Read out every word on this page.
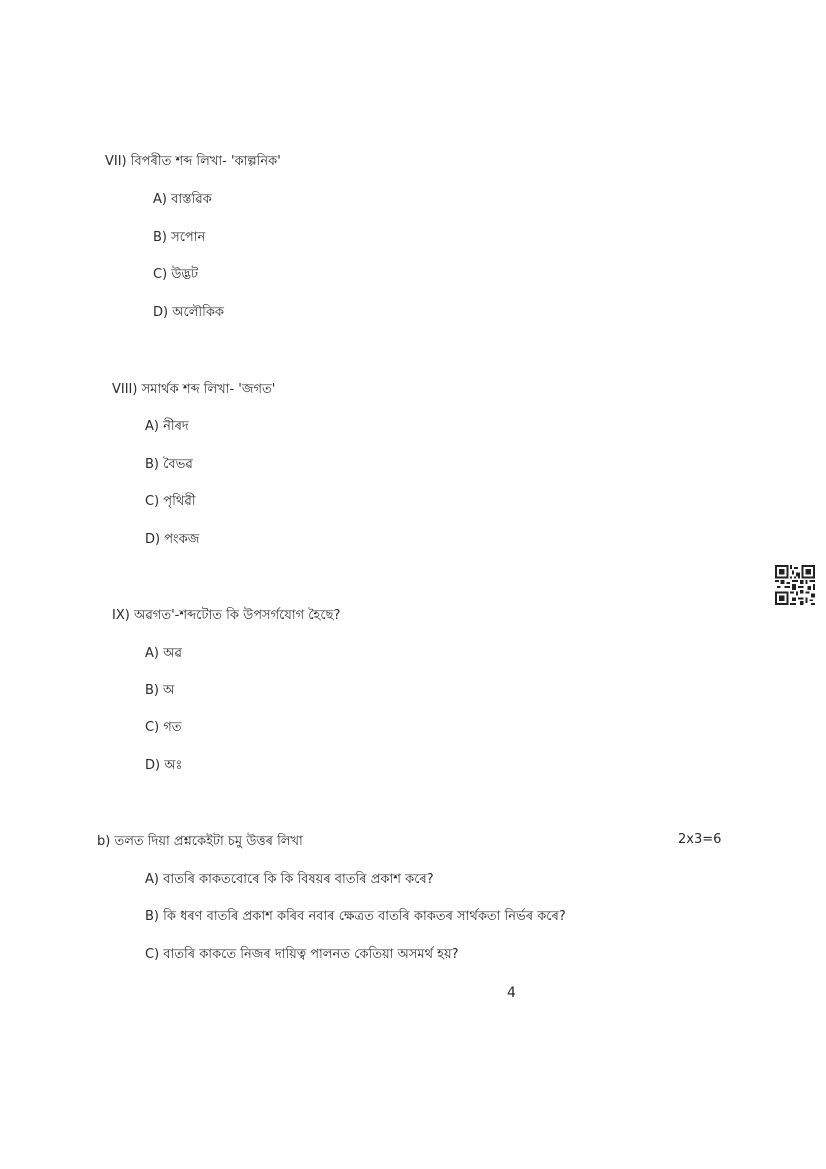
VII) বিপৰীত শব্দ লিখা- 'কাল্পনিক'
A) বাস্তৱিক
B) সপোন
C) উদ্ভট
D) অলৌকিক
VIII) সমাৰ্থক শব্দ লিখা- 'জগত'
A) নীৰদ
B) বৈভৱ
C) পৃথিৱী
D) পংকজ
IX) অৱগত'-শব্দটোত কি উপসৰ্গযোগ হৈছে?
A) অৱ
B) অ
C) গত
D) অঃ
b) তলত দিয়া প্ৰশ্নকেইটা চমু উত্তৰ লিখা	2x3=6
A) বাতৰি কাকতবোৰে কি কি বিষয়ৰ বাতৰি প্ৰকাশ কৰে?
B) কি ধৰণ বাতৰি প্ৰকাশ কৰিব নবাৰ ক্ষেত্ৰত বাতৰি কাকতৰ সাৰ্থকতা নিৰ্ভৰ কৰে?
C) বাতৰি কাকতে নিজৰ দায়িত্ব পালনত কেতিয়া অসমৰ্থ হয়?
4
